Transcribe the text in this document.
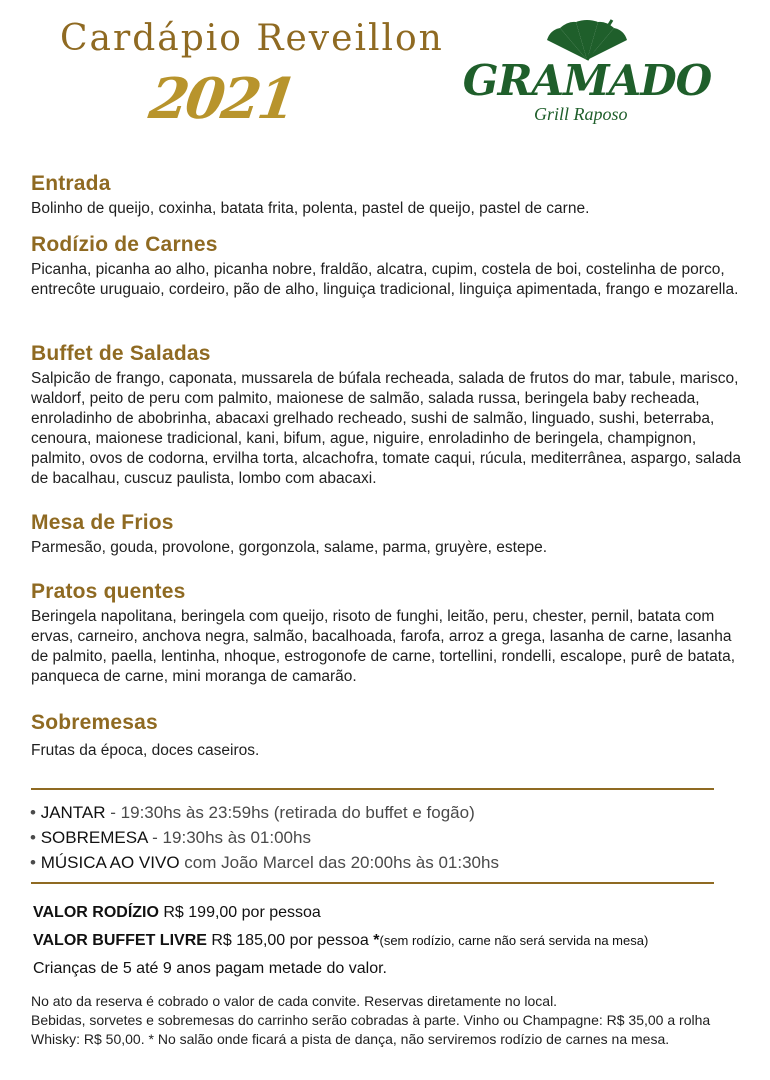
Cardápio Reveillon
2021	GRAMADO
Grill Raposo
Entrada

Bolinho de queijo, coxinha, batata frita, polenta, pastel de queijo, pastel de carne.

Rodízio de Carnes

Picanha, picanha ao alho, picanha nobre, fraldão, alcatra, cupim, costela de boi, costelinha de porco, entrecôte uruguaio, cordeiro, pão de alho, linguiça tradicional, linguiça apimentada, frango e mozarella.

Buffet de Saladas

Salpicão de frango, caponata, mussarela de búfala recheada, salada de frutos do mar, tabule, marisco, waldorf, peito de peru com palmito, maionese de salmão, salada russa, beringela baby recheada, enroladinho de abobrinha, abacaxi grelhado recheado, sushi de salmão, linguado, sushi, beterraba, cenoura, maionese tradicional, kani, bifum, ague, niguire, enroladinho de beringela, champignon, palmito, ovos de codorna, ervilha torta, alcachofra, tomate caqui, rúcula, mediterrânea, aspargo, salada de bacalhau, cuscuz paulista, lombo com abacaxi.

Mesa de Frios

Parmesão, gouda, provolone, gorgonzola, salame, parma, gruyère, estepe.

Pratos quentes

Beringela napolitana, beringela com queijo, risoto de funghi, leitão, peru, chester, pernil, batata com ervas, carneiro, anchova negra, salmão, bacalhoada, farofa, arroz a grega, lasanha de carne, lasanha de palmito, paella, lentinha, nhoque, estrogonofe de carne, tortellini, rondelli, escalope, purê de batata, panqueca de carne, mini moranga de camarão.

Sobremesas

Frutas da época, doces caseiros.

• JANTAR - 19:30hs às 23:59hs (retirada do buffet e fogão)
• SOBREMESA - 19:30hs às 01:00hs
• MÚSICA AO VIVO com João Marcel das 20:00hs às 01:30hs
VALOR RODÍZIO R$ 199,00 por pessoa
VALOR BUFFET LIVRE R$ 185,00 por pessoa *(sem rodízio, carne não será servida na mesa)
Crianças de 5 até 9 anos pagam metade do valor.
No ato da reserva é cobrado o valor de cada convite. Reservas diretamente no local.
Bebidas, sorvetes e sobremesas do carrinho serão cobradas à parte. Vinho ou Champagne: R$ 35,00 a rolha
Whisky: R$ 50,00. * No salão onde ficará a pista de dança, não serviremos rodízio de carnes na mesa.
